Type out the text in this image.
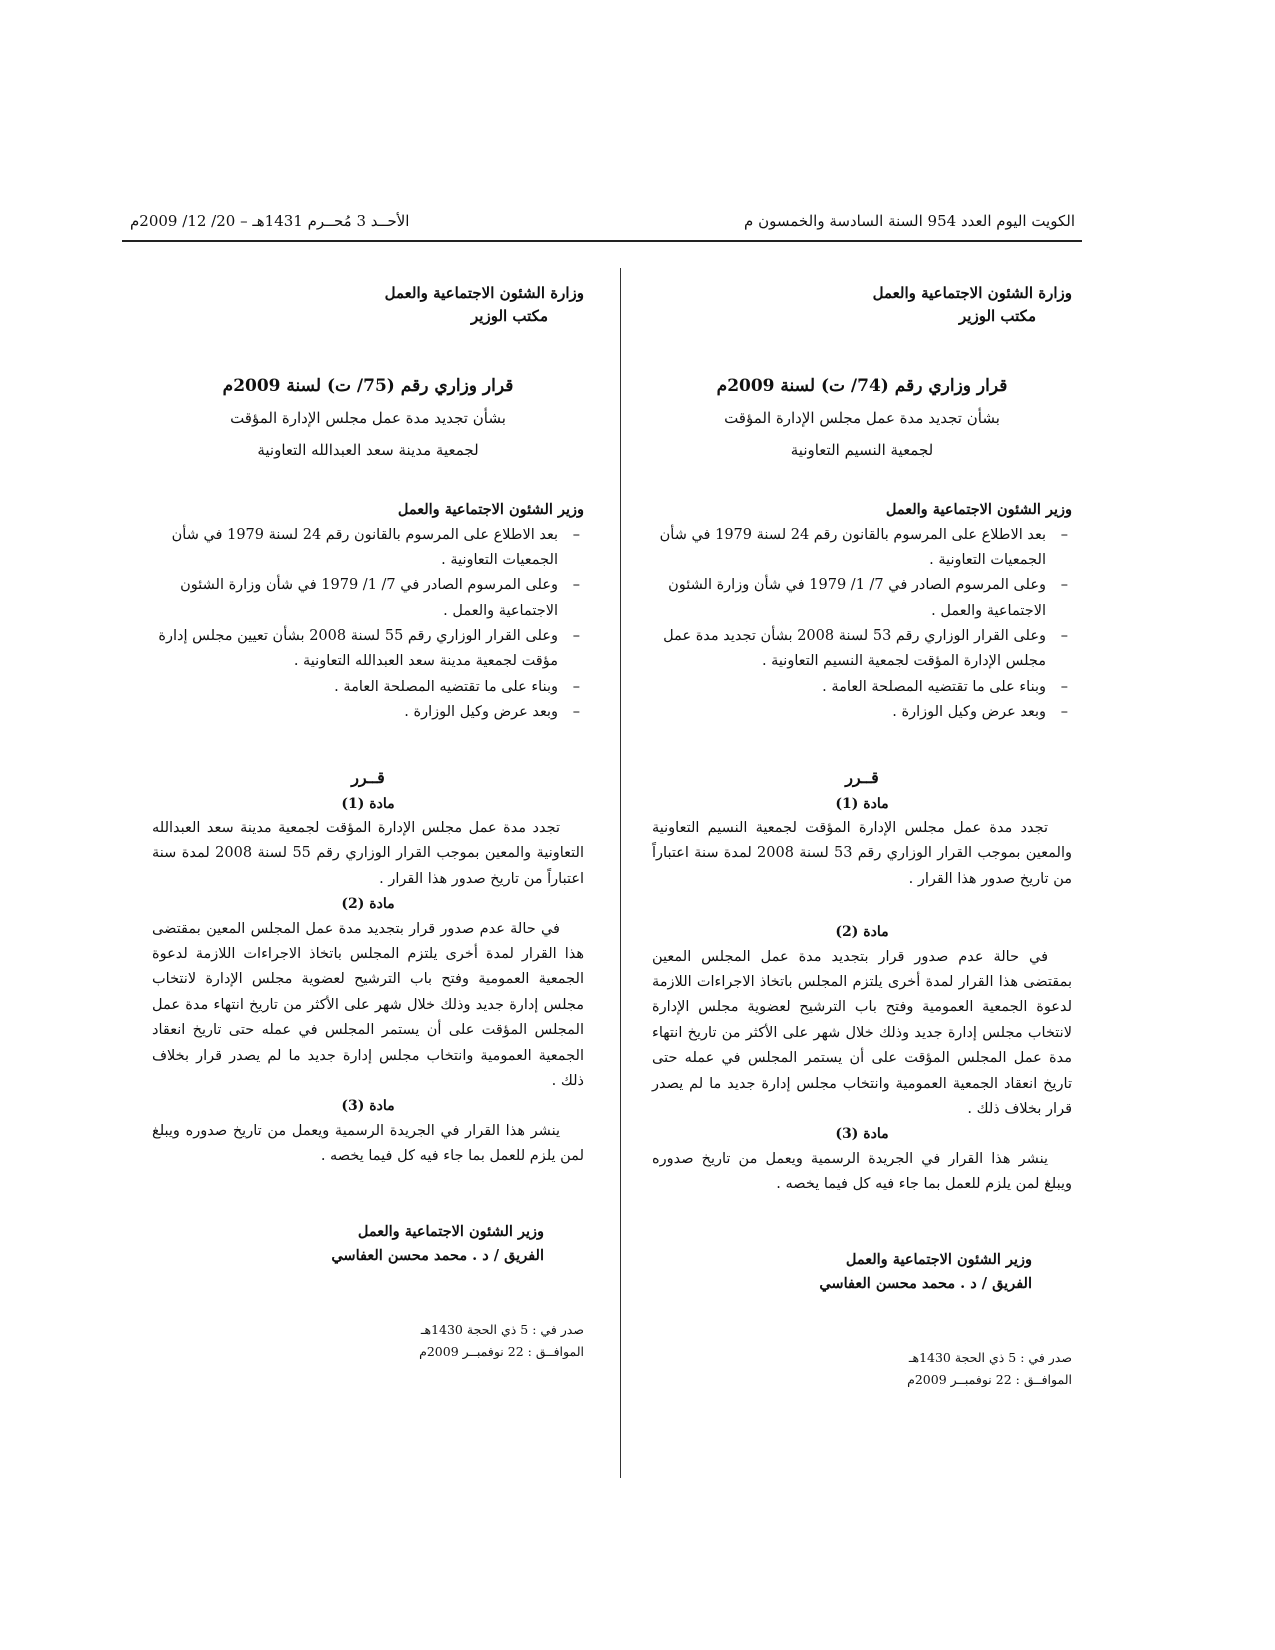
الكويت اليوم العدد 954 السنة السادسة والخمسون م
الأحــد 3 مُحــرم 1431هـ – 20/ 12/ 2009م

وزارة الشئون الاجتماعية والعمل

مكتب الوزير

قرار وزاري رقم (74/ ت) لسنة 2009م

بشأن تجديد مدة عمل مجلس الإدارة المؤقت

لجمعية النسيم التعاونية

وزير الشئون الاجتماعية والعمل

–
بعد الاطلاع على المرسوم بالقانون رقم 24 لسنة 1979 في شأن الجمعيات التعاونية .
–
وعلى المرسوم الصادر في 7/ 1/ 1979 في شأن وزارة الشئون الاجتماعية والعمل .
–
وعلى القرار الوزاري رقم 53 لسنة 2008 بشأن تجديد مدة عمل مجلس الإدارة المؤقت لجمعية النسيم التعاونية .
–
وبناء على ما تقتضيه المصلحة العامة .
–
وبعد عرض وكيل الوزارة .

قــرر

مادة (1)

تجدد مدة عمل مجلس الإدارة المؤقت لجمعية النسيم التعاونية والمعين بموجب القرار الوزاري رقم 53 لسنة 2008 لمدة سنة اعتباراً من تاريخ صدور هذا القرار .

مادة (2)

في حالة عدم صدور قرار بتجديد مدة عمل المجلس المعين بمقتضى هذا القرار لمدة أخرى يلتزم المجلس باتخاذ الاجراءات اللازمة لدعوة الجمعية العمومية وفتح باب الترشيح لعضوية مجلس الإدارة لانتخاب مجلس إدارة جديد وذلك خلال شهر على الأكثر من تاريخ انتهاء مدة عمل المجلس المؤقت على أن يستمر المجلس في عمله حتى تاريخ انعقاد الجمعية العمومية وانتخاب مجلس إدارة جديد ما لم يصدر قرار بخلاف ذلك .

مادة (3)

ينشر هذا القرار في الجريدة الرسمية ويعمل من تاريخ صدوره ويبلغ لمن يلزم للعمل بما جاء فيه كل فيما يخصه .

وزير الشئون الاجتماعية والعمل
الفريق / د . محمد محسن العفاسي
صدر في : 5 ذي الحجة 1430هـ
الموافــق : 22 نوفمبــر 2009م

وزارة الشئون الاجتماعية والعمل

مكتب الوزير

قرار وزاري رقم (75/ ت) لسنة 2009م

بشأن تجديد مدة عمل مجلس الإدارة المؤقت

لجمعية مدينة سعد العبدالله التعاونية

وزير الشئون الاجتماعية والعمل

–
بعد الاطلاع على المرسوم بالقانون رقم 24 لسنة 1979 في شأن الجمعيات التعاونية .
–
وعلى المرسوم الصادر في 7/ 1/ 1979 في شأن وزارة الشئون الاجتماعية والعمل .
–
وعلى القرار الوزاري رقم 55 لسنة 2008 بشأن تعيين مجلس إدارة مؤقت لجمعية مدينة سعد العبدالله التعاونية .
–
وبناء على ما تقتضيه المصلحة العامة .
–
وبعد عرض وكيل الوزارة .

قــرر

مادة (1)

تجدد مدة عمل مجلس الإدارة المؤقت لجمعية مدينة سعد العبدالله التعاونية والمعين بموجب القرار الوزاري رقم 55 لسنة 2008 لمدة سنة اعتباراً من تاريخ صدور هذا القرار .

مادة (2)

في حالة عدم صدور قرار بتجديد مدة عمل المجلس المعين بمقتضى هذا القرار لمدة أخرى يلتزم المجلس باتخاذ الاجراءات اللازمة لدعوة الجمعية العمومية وفتح باب الترشيح لعضوية مجلس الإدارة لانتخاب مجلس إدارة جديد وذلك خلال شهر على الأكثر من تاريخ انتهاء مدة عمل المجلس المؤقت على أن يستمر المجلس في عمله حتى تاريخ انعقاد الجمعية العمومية وانتخاب مجلس إدارة جديد ما لم يصدر قرار بخلاف ذلك .

مادة (3)

ينشر هذا القرار في الجريدة الرسمية ويعمل من تاريخ صدوره ويبلغ لمن يلزم للعمل بما جاء فيه كل فيما يخصه .

وزير الشئون الاجتماعية والعمل
الفريق / د . محمد محسن العفاسي
صدر في : 5 ذي الحجة 1430هـ
الموافــق : 22 نوفمبــر 2009م
